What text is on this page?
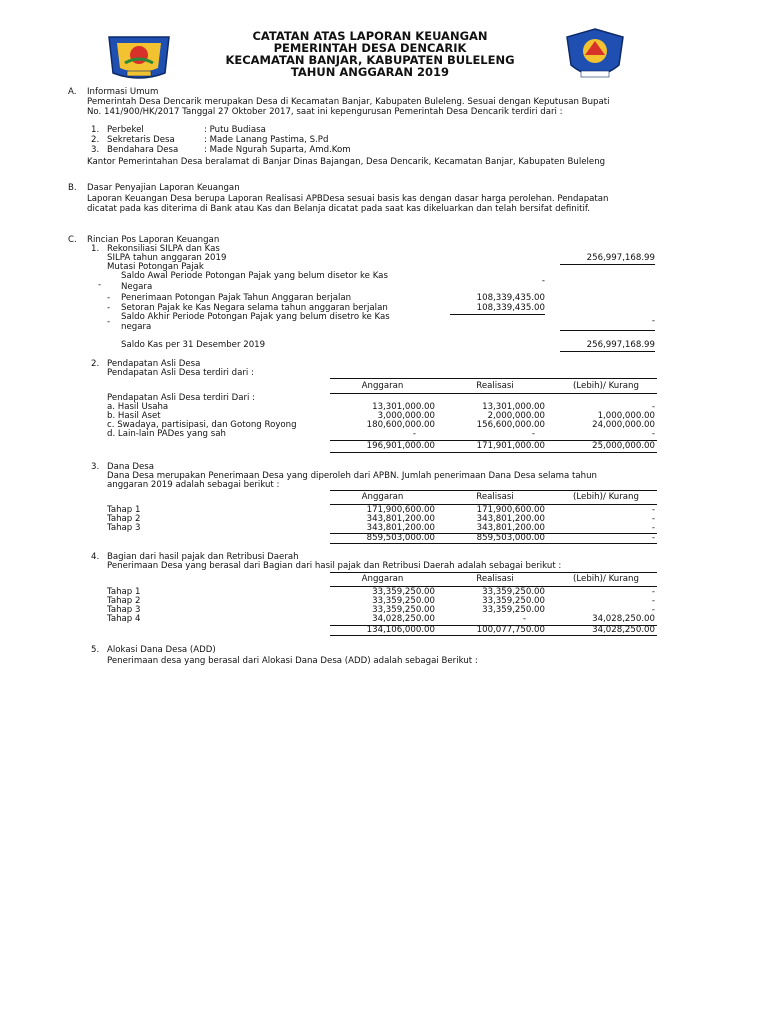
CATATAN ATAS LAPORAN KEUANGAN
PEMERINTAH DESA DENCARIK
KECAMATAN BANJAR, KABUPATEN BULELENG
TAHUN ANGGARAN 2019
A. Informasi Umum
Pemerintah Desa Dencarik merupakan Desa di Kecamatan Banjar, Kabupaten Buleleng. Sesuai dengan Keputusan Bupati
No. 141/900/HK/2017 Tanggal 27 Oktober 2017, saat ini kepengurusan Pemerintah Desa Dencarik terdiri dari :
1. Perbekel	: Putu Budiasa
2. Sekretaris Desa	: Made Lanang Pastima, S.Pd
3. Bendahara Desa	: Made Ngurah Suparta, Amd.Kom
Kantor Pemerintahan Desa beralamat di Banjar Dinas Bajangan, Desa Dencarik, Kecamatan Banjar, Kabupaten Buleleng
B. Dasar Penyajian Laporan Keuangan
Laporan Keuangan Desa berupa Laporan Realisasi APBDesa sesuai basis kas dengan dasar harga perolehan. Pendapatan
dicatat pada kas diterima di Bank atau Kas dan Belanja dicatat pada saat kas dikeluarkan dan telah bersifat definitif.
C. Rincian Pos Laporan Keuangan
1. Rekonsiliasi SILPA dan Kas
SILPA tahun anggaran 2019	256,997,168.99
Mutasi Potongan Pajak
Saldo Awal Periode Potongan Pajak yang belum disetor ke Kas
- Negara
-
- Penerimaan Potongan Pajak Tahun Anggaran berjalan	108,339,435.00
- Setoran Pajak ke Kas Negara selama tahun anggaran berjalan	108,339,435.00
Saldo Akhir Periode Potongan Pajak yang belum disetro ke Kas
- negara
-
Saldo Kas per 31 Desember 2019	256,997,168.99
2. Pendapatan Asli Desa
Pendapatan Asli Desa terdiri dari :
Anggaran	Realisasi	(Lebih)/ Kurang
Pendapatan Asli Desa terdiri Dari :
a. Hasil Usaha	13,301,000.00	13,301,000.00	-
b. Hasil Aset	3,000,000.00	2,000,000.00	1,000,000.00
c. Swadaya, partisipasi, dan Gotong Royong	180,600,000.00	156,600,000.00	24,000,000.00
d. Lain-lain PADes yang sah	-	-	-
196,901,000.00	171,901,000.00	25,000,000.00
3. Dana Desa
Dana Desa merupakan Penerimaan Desa yang diperoleh dari APBN. Jumlah penerimaan Dana Desa selama tahun
anggaran 2019 adalah sebagai berikut :
Anggaran	Realisasi	(Lebih)/ Kurang
Tahap 1	171,900,600.00	171,900,600.00	-
Tahap 2	343,801,200.00	343,801,200.00	-
Tahap 3	343,801,200.00	343,801,200.00	-
859,503,000.00	859,503,000.00	-
4. Bagian dari hasil pajak dan Retribusi Daerah
Penerimaan Desa yang berasal dari Bagian dari hasil pajak dan Retribusi Daerah adalah sebagai berikut :
Anggaran	Realisasi	(Lebih)/ Kurang
Tahap 1	33,359,250.00	33,359,250.00	-
Tahap 2	33,359,250.00	33,359,250.00	-
Tahap 3	33,359,250.00	33,359,250.00	-
Tahap 4	34,028,250.00	-	34,028,250.00
134,106,000.00	100,077,750.00	34,028,250.00
5. Alokasi Dana Desa (ADD)
Penerimaan desa yang berasal dari Alokasi Dana Desa (ADD) adalah sebagai Berikut :
